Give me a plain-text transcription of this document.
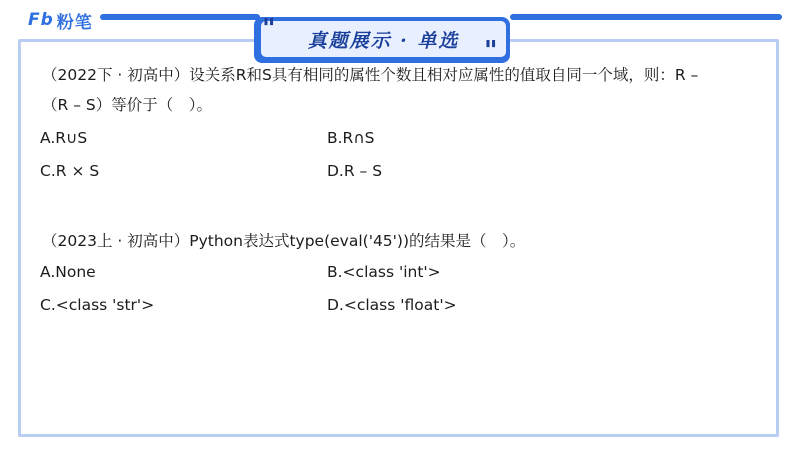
Fb 粉笔
真题展示 · 单选
"
"
（2022下 · 初高中）设关系R和S具有相同的属性个数且相对应属性的值取自同一个域，则：R –
（R – S）等价于（　）。
A.R∪S	B.R∩S
C.R × S	D.R – S
（2023上 · 初高中）Python表达式type(eval('45'))的结果是（　）。
A.None	B.<class 'int'>
C.<class 'str'>	D.<class 'float'>
